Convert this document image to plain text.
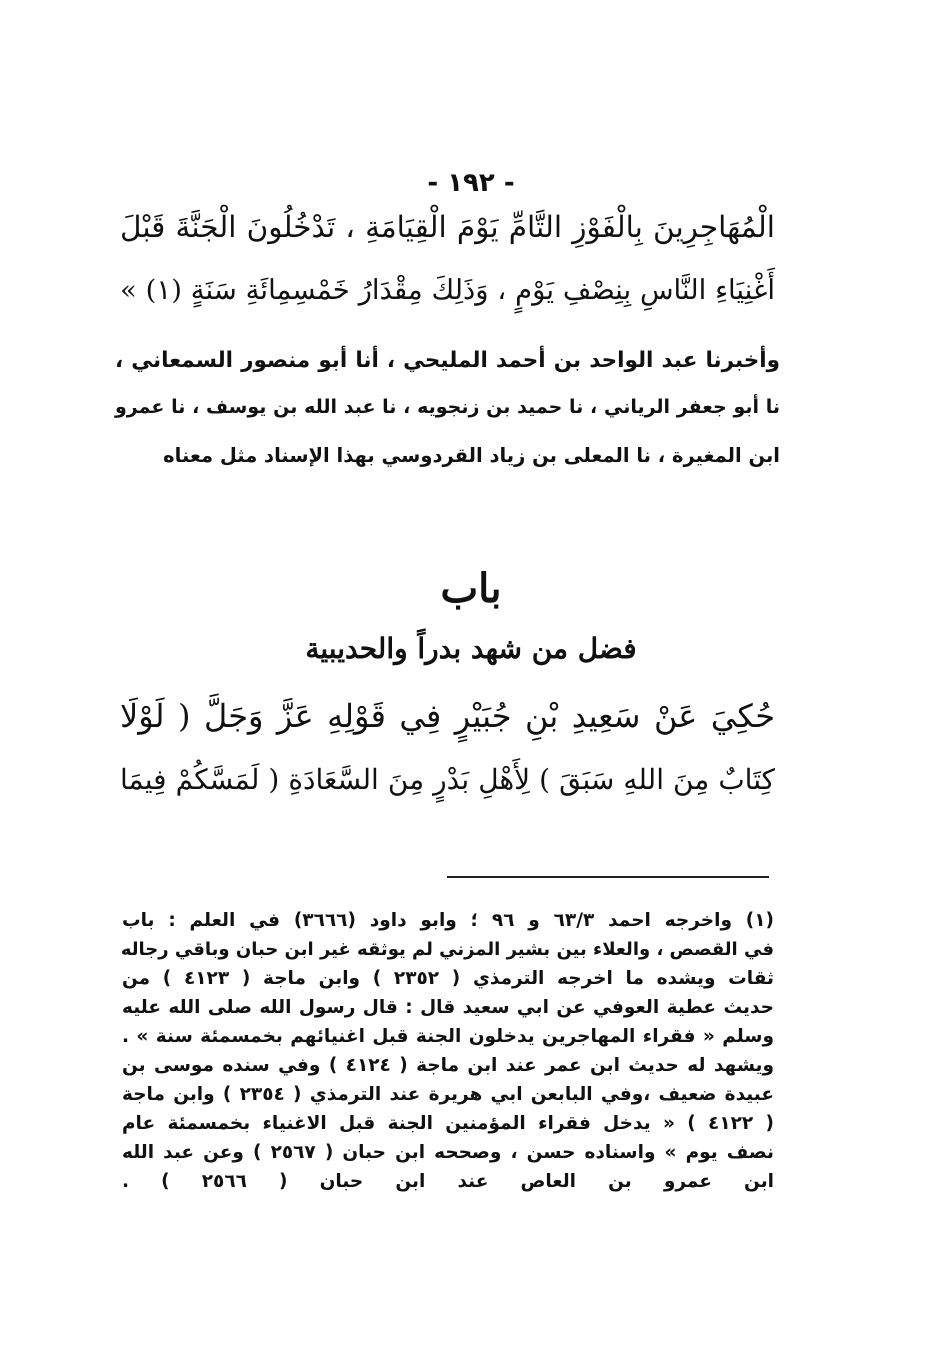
- ١٩٢ -
الْمُهَاجِرِينَ بِالْفَوْزِ التَّامِّ يَوْمَ الْقِيَامَةِ ، تَدْخُلُونَ الْجَنَّةَ قَبْلَ
أَغْنِيَاءِ النَّاسِ بِنِصْفِ يَوْمٍ ، وَذَلِكَ مِقْدَارُ خَمْسِمِائَةِ سَنَةٍ (١) »
وأخبرنا عبد الواحد بن أحمد المليحي ، أنا أبو منصور السمعاني ،
نا أبو جعفر الرياني ، نا حميد بن زنجويه ، نا عبد الله بن يوسف ، نا عمرو
ابن المغيرة ، نا المعلى بن زياد القردوسي بهذا الإسناد مثل معناه
باب
فضل من شهد بدراً والحديبية
حُكِيَ عَنْ سَعِيدِ بْنِ جُبَيْرٍ فِي قَوْلِهِ عَزَّ وَجَلَّ ( لَوْلَا
كِتَابٌ مِنَ اللهِ سَبَقَ ) لِأَهْلِ بَدْرٍ مِنَ السَّعَادَةِ ( لَمَسَّكُمْ فِيمَا
(١) واخرجه احمد ٦٣/٣ و ٩٦ ؛ وابو داود (٣٦٦٦) في العلم : باب
في القصص ، والعلاء بين بشير المزني لم يوثقه غير ابن حبان وباقي رجاله
ثقات ويشده ما اخرجه الترمذي ( ٢٣٥٢ ) وابن ماجة ( ٤١٢٣ ) من
حديث عطية العوفي عن ابي سعيد قال : قال رسول الله صلى الله عليه
وسلم « فقراء المهاجرين يدخلون الجنة قبل اغنيائهم بخمسمئة سنة » .
ويشهد له حديث ابن عمر عند ابن ماجة ( ٤١٢٤ ) وفي سنده موسى بن
عبيدة ضعيف ،وفي البابعن ابي هريرة عند الترمذي ( ٢٣٥٤ ) وابن ماجة
( ٤١٢٢ ) « يدخل فقراء المؤمنين الجنة قبل الاغنياء بخمسمئة عام
نصف يوم » واسناده حسن ، وصححه ابن حبان ( ٢٥٦٧ ) وعن عبد الله
ابن عمرو بن العاص عند ابن حبان ( ٢٥٦٦ ) .
